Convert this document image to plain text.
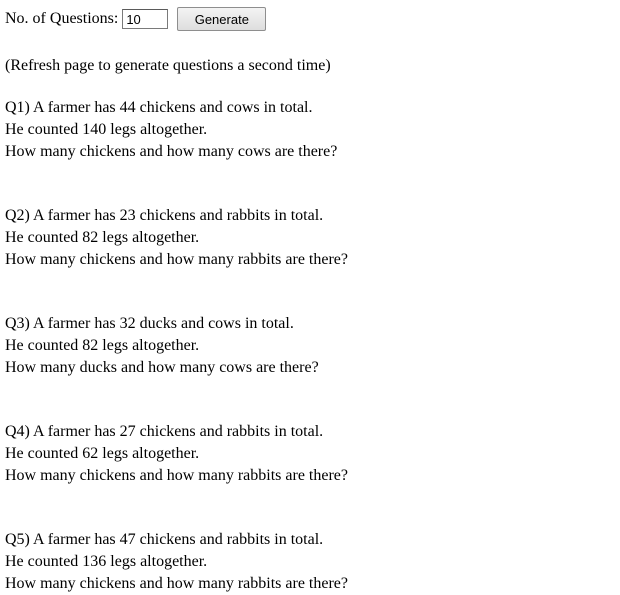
No. of Questions:
10	Generate
(Refresh page to generate questions a second time)
Q1) A farmer has 44 chickens and cows in total.
He counted 140 legs altogether.
How many chickens and how many cows are there?
Q2) A farmer has 23 chickens and rabbits in total.
He counted 82 legs altogether.
How many chickens and how many rabbits are there?
Q3) A farmer has 32 ducks and cows in total.
He counted 82 legs altogether.
How many ducks and how many cows are there?
Q4) A farmer has 27 chickens and rabbits in total.
He counted 62 legs altogether.
How many chickens and how many rabbits are there?
Q5) A farmer has 47 chickens and rabbits in total.
He counted 136 legs altogether.
How many chickens and how many rabbits are there?
